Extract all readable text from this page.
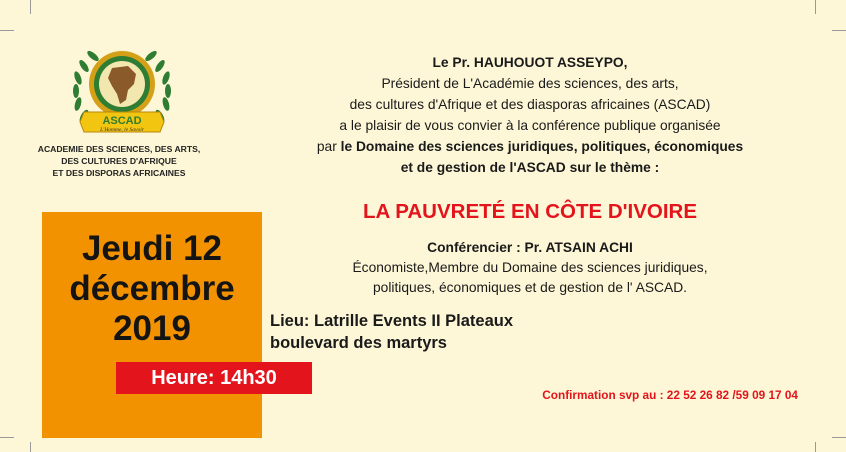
ASCAD
L'Homme, le Savoir
ACADEMIE DES SCIENCES, DES ARTS,
DES CULTURES D'AFRIQUE
ET DES DISPORAS AFRICAINES
Le Pr. HAUHOUOT ASSEYPO,
Président de L'Académie des sciences, des arts,
des cultures d'Afrique et des diasporas africaines (ASCAD)
a le plaisir de vous convier à la conférence publique organisée
par le Domaine des sciences juridiques, politiques, économiques
et de gestion de l'ASCAD sur le thème :
LA PAUVRETÉ EN CÔTE D'IVOIRE
Conférencier : Pr. ATSAIN ACHI
Économiste,Membre du Domaine des sciences juridiques,
politiques, économiques et de gestion de l' ASCAD.
Jeudi 12
décembre
2019
Heure: 14h30
Lieu: Latrille Events II Plateaux
boulevard des martyrs
Confirmation svp au : 22 52 26 82 /59 09 17 04
